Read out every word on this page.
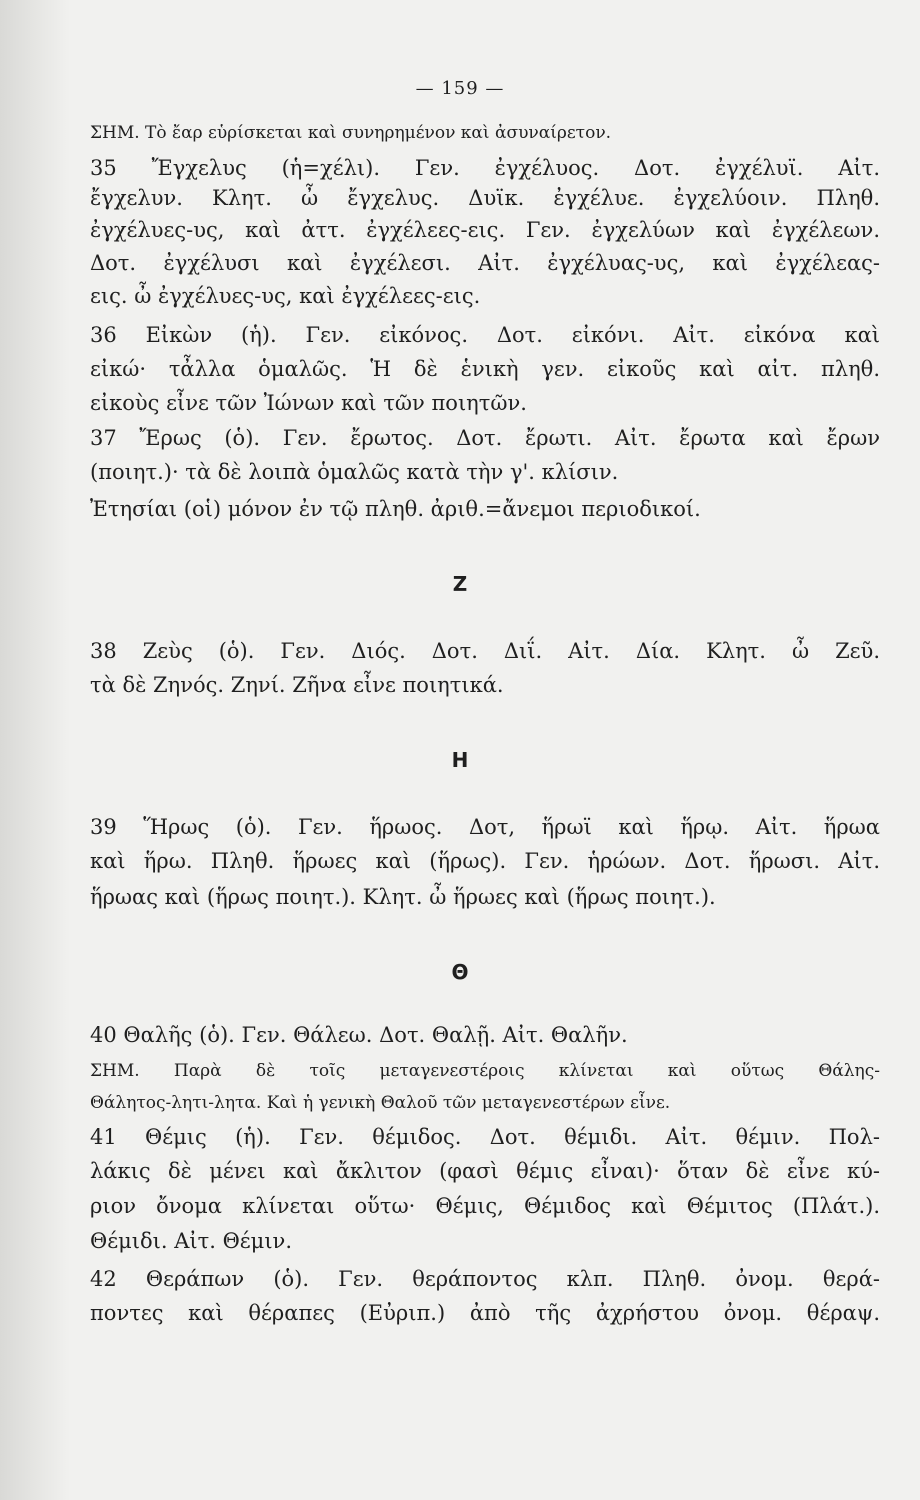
— 159 —
ΣΗΜ. Τὸ ἔαρ εὑρίσκεται καὶ συνηρημένον καὶ ἀσυναίρετον.
35 Ἔγχελυς (ἡ=χέλι). Γεν. ἐγχέλυος. Δοτ. ἐγχέλυϊ. Αἰτ.
ἔγχελυν. Κλητ. ὦ ἔγχελυς. Δυϊκ. ἐγχέλυε. ἐγχελύοιν. Πληθ.
ἐγχέλυες-υς, καὶ ἀττ. ἐγχέλεες-εις. Γεν. ἐγχελύων καὶ ἐγχέλεων.
Δοτ. ἐγχέλυσι καὶ ἐγχέλεσι. Αἰτ. ἐγχέλυας-υς, καὶ ἐγχέλεας-
εις. ὦ ἐγχέλυες-υς, καὶ ἐγχέλεες-εις.
36 Εἰκὼν (ἡ). Γεν. εἰκόνος. Δοτ. εἰκόνι. Αἰτ. εἰκόνα καὶ
εἰκώ· τἆλλα ὁμαλῶς. Ἡ δὲ ἑνικὴ γεν. εἰκοῦς καὶ αἰτ. πληθ.
εἰκοὺς εἶνε τῶν Ἰώνων καὶ τῶν ποιητῶν.
37 Ἔρως (ὁ). Γεν. ἔρωτος. Δοτ. ἔρωτι. Αἰτ. ἔρωτα καὶ ἔρων
(ποιητ.)· τὰ δὲ λοιπὰ ὁμαλῶς κατὰ τὴν γ'. κλίσιν.
Ἐτησίαι (οἱ) μόνον ἐν τῷ πληθ. ἀριθ.=ἄνεμοι περιοδικοί.
Ζ
38 Ζεὺς (ὁ). Γεν. Διός. Δοτ. Διΐ. Αἰτ. Δία. Κλητ. ὦ Ζεῦ.
τὰ δὲ Ζηνός. Ζηνί. Ζῆνα εἶνε ποιητικά.
Η
39 Ἥρως (ὁ). Γεν. ἥρωος. Δοτ, ἥρωϊ καὶ ἥρῳ. Αἰτ. ἥρωα
καὶ ἥρω. Πληθ. ἥρωες καὶ (ἥρως). Γεν. ἡρώων. Δοτ. ἥρωσι. Αἰτ.
ἥρωας καὶ (ἥρως ποιητ.). Κλητ. ὦ ἥρωες καὶ (ἥρως ποιητ.).
Θ
40 Θαλῆς (ὁ). Γεν. Θάλεω. Δοτ. Θαλῇ. Αἰτ. Θαλῆν.
ΣΗΜ. Παρὰ δὲ τοῖς μεταγενεστέροις κλίνεται καὶ οὕτως Θάλης-
Θάλητος-λητι-λητα. Καὶ ἡ γενικὴ Θαλοῦ τῶν μεταγενεστέρων εἶνε.
41 Θέμις (ἡ). Γεν. θέμιδος. Δοτ. θέμιδι. Αἰτ. θέμιν. Πολ-
λάκις δὲ μένει καὶ ἄκλιτον (φασὶ θέμις εἶναι)· ὅταν δὲ εἶνε κύ-
ριον ὄνομα κλίνεται οὕτω· Θέμις, Θέμιδος καὶ Θέμιτος (Πλάτ.).
Θέμιδι. Αἰτ. Θέμιν.
42 Θεράπων (ὁ). Γεν. θεράποντος κλπ. Πληθ. ὀνομ. θερά-
ποντες καὶ θέραπες (Εὐριπ.) ἀπὸ τῆς ἀχρήστου ὀνομ. θέραψ.
